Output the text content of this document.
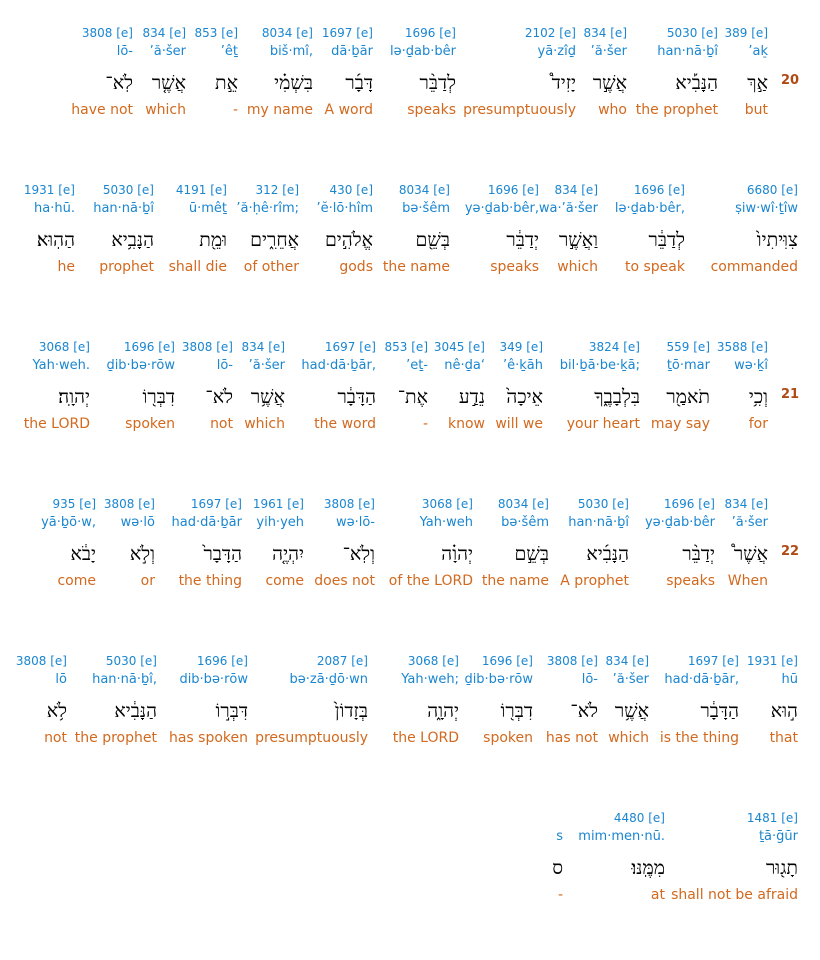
20
389 [e]
’ak̠
אַ֣ךְ
but
5030 [e]
han·nā·ḇî
הַנָּבִ֡יא
the prophet
834 [e]
’ă·šer
אֲשֶׁ֣ר
who
2102 [e]
yā·zîḏ
יָזִיד֩
presumptuously
1696 [e]
lə·ḏab·bêr
לְדַבֵּ֨ר
speaks
1697 [e]
dā·ḇār
דָּבָ֜ר
A word
8034 [e]
biš·mî,
בִּשְׁמִ֗י
my name
853 [e]
’êṯ
אֵ֣ת
-
834 [e]
’ă·šer
אֲשֶׁ֤ר
which
3808 [e]
lō-
לֹֽא־
have not
6680 [e]
ṣiw·wî·ṯîw
צִוִּיתִיו֙
commanded
1696 [e]
lə·ḏab·bêr,
לְדַבֵּ֔ר
to speak
834 [e]
wa·’ă·šer
וַאֲשֶׁ֣ר
which
1696 [e]
yə·ḏab·bêr,
יְדַבֵּ֔ר
speaks
8034 [e]
bə·šêm
בְּשֵׁ֖ם
the name
430 [e]
’ĕ·lō·hîm
אֱלֹהִ֣ים
gods
312 [e]
’ă·ḥê·rîm;
אֲחֵרִ֑ים
of other
4191 [e]
ū·mêṯ
וּמֵ֖ת
shall die
5030 [e]
han·nā·ḇî
הַנָּבִ֥יא
prophet
1931 [e]
ha·hū.
הַהֽוּא׃
he
21
3588 [e]
wə·ḵî
וְכִ֥י
for
559 [e]
ṯō·mar
תֹאמַ֖ר
may say
3824 [e]
bil·ḇā·be·ḵā;
בִּלְבָבֶ֑ךָ
your heart
349 [e]
’ê·ḵāh
אֵיכָה֙
will we
3045 [e]
nê·ḏa‘
נֵדַ֣ע
know
853 [e]
’eṯ-
אֶת־
-
1697 [e]
had·dā·ḇār,
הַדָּבָ֔ר
the word
834 [e]
’ă·šer
אֲשֶׁ֥ר
which
3808 [e]
lō-
לֹא־
not
1696 [e]
ḏib·bə·rōw
דִבְּר֖וֹ
spoken
3068 [e]
Yah·weh.
יְהוָֽה׃
the LORD
22
834 [e]
’ă·šer
אֲשֶׁר֩
When
1696 [e]
yə·ḏab·bêr
יְדַבֵּ֨ר
speaks
5030 [e]
han·nā·ḇî
הַנָּבִ֜יא
A prophet
8034 [e]
bə·šêm
בְּשֵׁ֣ם
the name
3068 [e]
Yah·weh
יְהוָ֗ה
of the LORD
3808 [e]
wə·lō-
וְלֹֽא־
does not
1961 [e]
yih·yeh
יִהְיֶ֤ה
come
1697 [e]
had·dā·ḇār
הַדָּבָר֙
the thing
3808 [e]
wə·lō
וְלֹ֣א
or
935 [e]
yā·ḇō·w,
יָבֹ֔א
come
1931 [e]
hū
ה֣וּא
that
1697 [e]
had·dā·ḇār,
הַדָּבָ֔ר
is the thing
834 [e]
’ă·šer
אֲשֶׁ֥ר
which
3808 [e]
lō-
לֹא־
has not
1696 [e]
ḏib·bə·rōw
דִבְּר֖וֹ
spoken
3068 [e]
Yah·weh;
יְהוָ֑ה
the LORD
2087 [e]
bə·zā·ḏō·wn
בְּזָדוֹן֙
presumptuously
1696 [e]
dib·bə·rōw
דִּבְּר֣וֹ
has spoken
5030 [e]
han·nā·ḇî,
הַנָּבִ֔יא
the prophet
3808 [e]
lō
לֹ֥א
not
1481 [e]
ṯā·ḡūr
תָג֖וּר
shall not be afraid
4480 [e]
mim·men·nū.
מִמֶּֽנּוּ׃
at
s
ס
-
